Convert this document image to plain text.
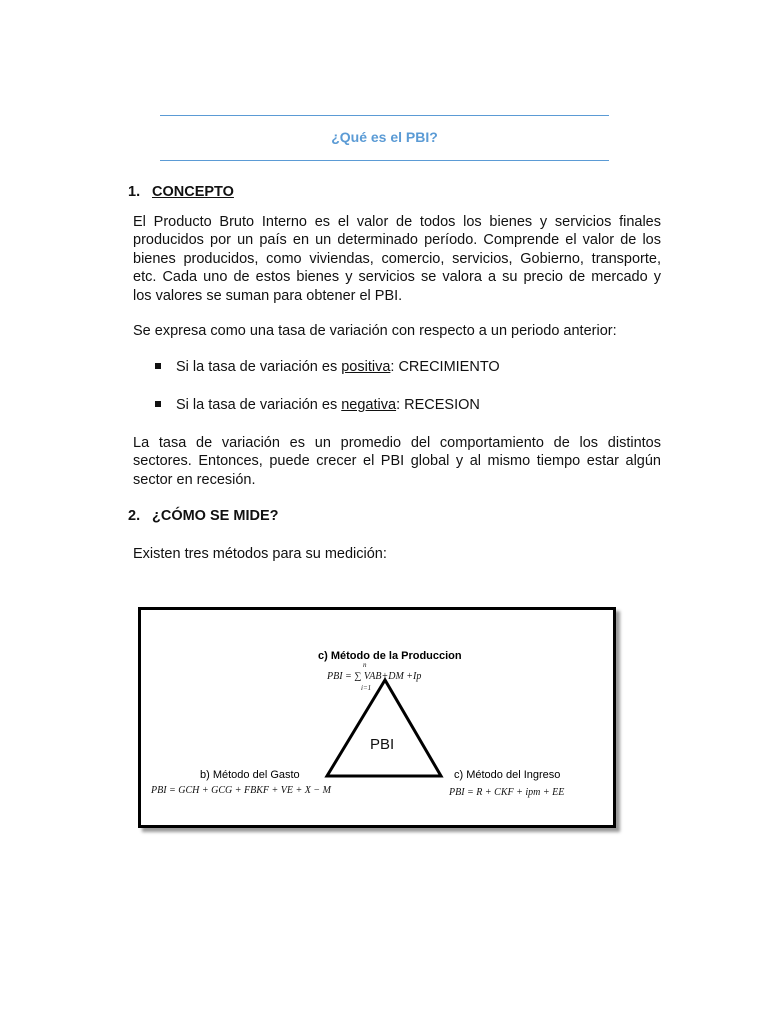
¿Qué es el PBI?
1. CONCEPTO
El Producto Bruto Interno es el valor de todos los bienes y servicios finales
producidos por un país en un determinado período. Comprende el valor de los
bienes producidos, como viviendas, comercio, servicios, Gobierno, transporte,
etc. Cada uno de estos bienes y servicios se valora a su precio de mercado y
los valores se suman para obtener el PBI.
Se expresa como una tasa de variación con respecto a un periodo anterior:
Si la tasa de variación es positiva: CRECIMIENTO
Si la tasa de variación es negativa: RECESION
La tasa de variación es un promedio del comportamiento de los distintos
sectores. Entonces, puede crecer el PBI global y al mismo tiempo estar algún
sector en recesión.
2. ¿CÓMO SE MIDE?
Existen tres métodos para su medición:
PBI
c) Método de la Produccion
PBI = ∑ VAB+DM +Ip
n
i=1
b) Método del Gasto
PBI = GCH + GCG + FBKF + VE + X − M
c) Método del Ingreso
PBI = R + CKF + ipm + EE
